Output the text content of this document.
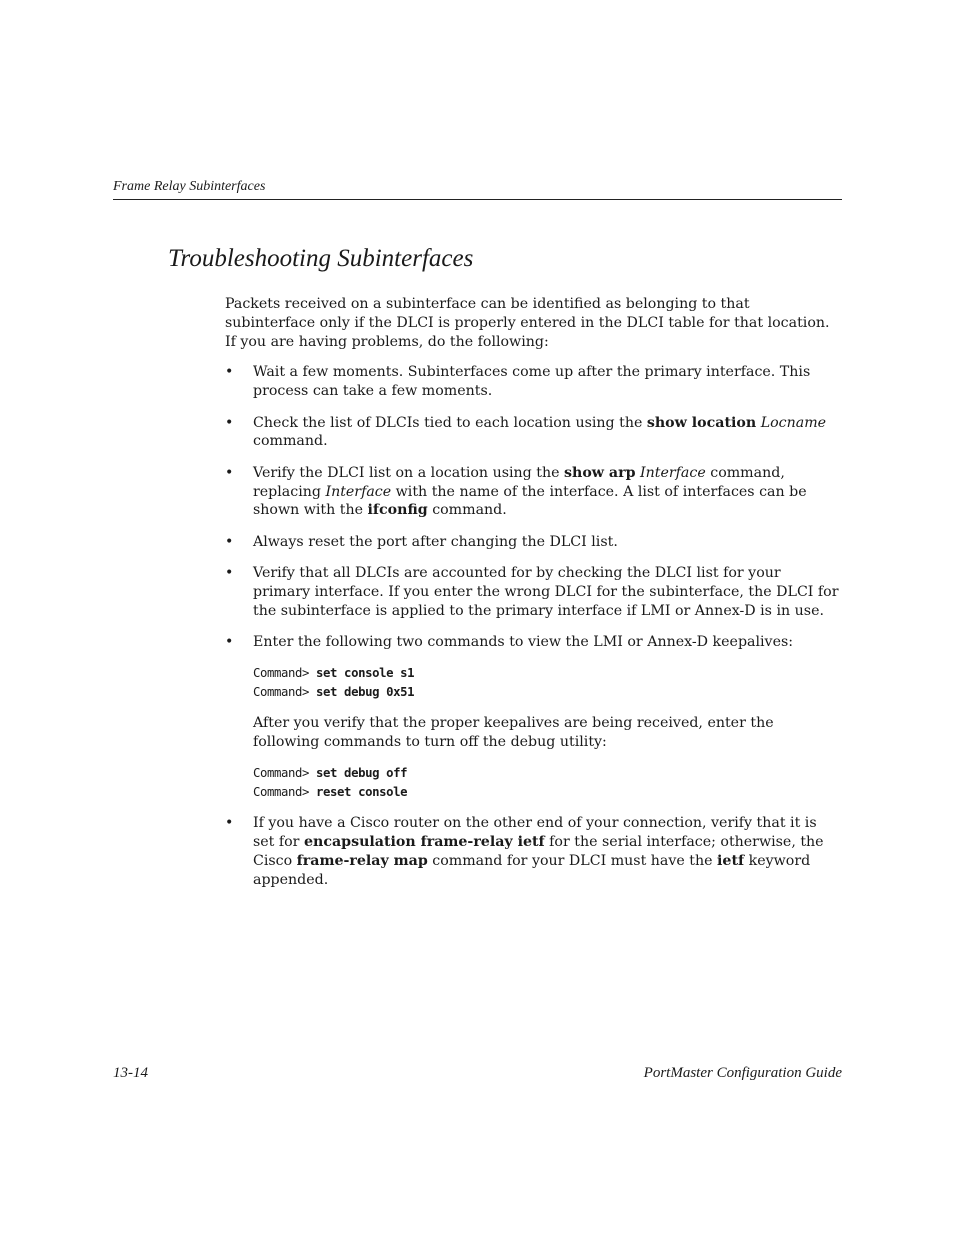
Frame Relay Subinterfaces
Troubleshooting Subinterfaces

Packets received on a subinterface can be identified as belonging to that subinterface only if the DLCI is properly entered in the DLCI table for that location. If you are having problems, do the following:

• Wait a few moments. Subinterfaces come up after the primary interface. This process can take a few moments.
• Check the list of DLCIs tied to each location using the show location Locname command.
• Verify the DLCI list on a location using the show arp Interface command, replacing Interface with the name of the interface. A list of interfaces can be shown with the ifconfig command.
• Always reset the port after changing the DLCI list.
• Verify that all DLCIs are accounted for by checking the DLCI list for your primary interface. If you enter the wrong DLCI for the subinterface, the DLCI for the subinterface is applied to the primary interface if LMI or Annex-D is in use.

• Enter the following two commands to view the LMI or Annex-D keepalives:

Command> set console s1
Command> set debug 0x51

After you verify that the proper keepalives are being received, enter the following commands to turn off the debug utility:

Command> set debug off
Command> reset console
• If you have a Cisco router on the other end of your connection, verify that it is set for encapsulation frame-relay ietf for the serial interface; otherwise, the Cisco frame-relay map command for your DLCI must have the ietf keyword appended.
13-14	PortMaster Configuration Guide
